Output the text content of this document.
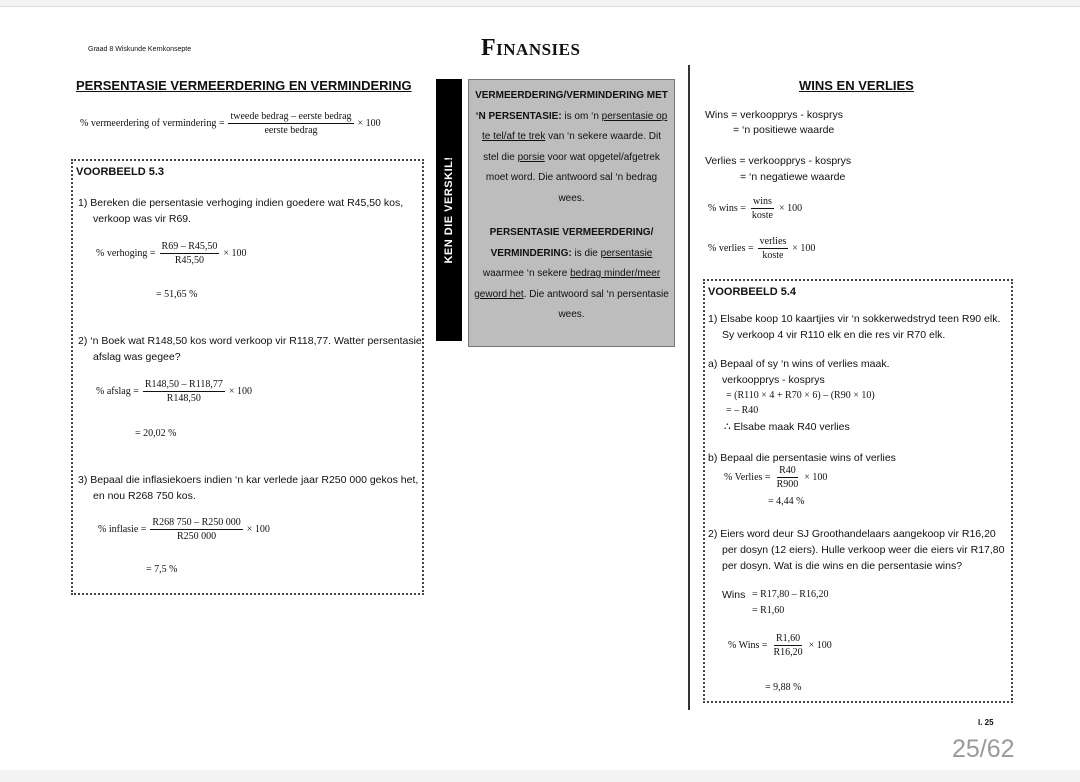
Graad 8 Wiskunde Kernkonsepte	Finansies
PERSENTASIE VERMEERDERING EN VERMINDERING
% vermeerdering of vermindering = $\frac{\text{tweede bedrag – eerste bedrag}}{\text{eerste bedrag}} \times 100$
VOORBEELD 5.3
1) Bereken die persentasie verhoging indien goedere wat R45,50 kos, verkoop was vir R69.
% verhoging = $\frac{R69 - R45,50}{R45,50} \times 100$
= 51,65 %
2) ‘n Boek wat R148,50 kos word verkoop vir R118,77. Watter persentasie afslag was gegee?
% afslag = $\frac{R148,50 - R118,77}{R148,50} \times 100$
= 20,02 %
3) Bepaal die inflasiekoers indien ‘n kar verlede jaar R250 000 gekos het, en nou R268 750 kos.
% inflasie = $\frac{R268 750 - R250 000}{R250 000} \times 100$
= 7,5 %
KEN DIE VERSKIL!
VERMEERDERING/VERMINDERING MET ‘N PERSENTASIE: is om ‘n persentasie op te tel/af te trek van ‘n sekere waarde. Dit stel die porsie voor wat opgetel/afgetrek moet word. Die antwoord sal ‘n bedrag wees.
PERSENTASIE VERMEERDERING/ VERMINDERING: is die persentasie waarmee ‘n sekere bedrag minder/meer geword het. Die antwoord sal ‘n persentasie wees.
WINS EN VERLIES
Wins = verkoopprys - kosprys
= ‘n positiewe waarde
Verlies = verkoopprys - kosprys
= ‘n negatiewe waarde
% wins = $\frac{\text{wins}}{\text{koste}} \times 100$
% verlies = $\frac{\text{verlies}}{\text{koste}} \times 100$
VOORBEELD 5.4
1) Elsabe koop 10 kaartjies vir ‘n sokkerwedstryd teen R90 elk. Sy verkoop 4 vir R110 elk en die res vir R70 elk.
a) Bepaal of sy ‘n wins of verlies maak.
verkoopprys - kosprys
= (R110 × 4 + R70 × 6) – (R90 × 10)
= – R40
∴ Elsabe maak R40 verlies
b) Bepaal die persentasie wins of verlies
% Verlies = $\frac{R40}{R900} \times 100$
= 4,44 %
2) Eiers word deur SJ Groothandelaars aangekoop vir R16,20 per dosyn (12 eiers). Hulle verkoop weer die eiers vir R17,80 per dosyn. Wat is die wins en die persentasie wins?
Wins = R17,80 – R16,20
= R1,60
% Wins = $\frac{R1,60}{R16,20} \times 100$
= 9,88 %
l. 25
25/62
